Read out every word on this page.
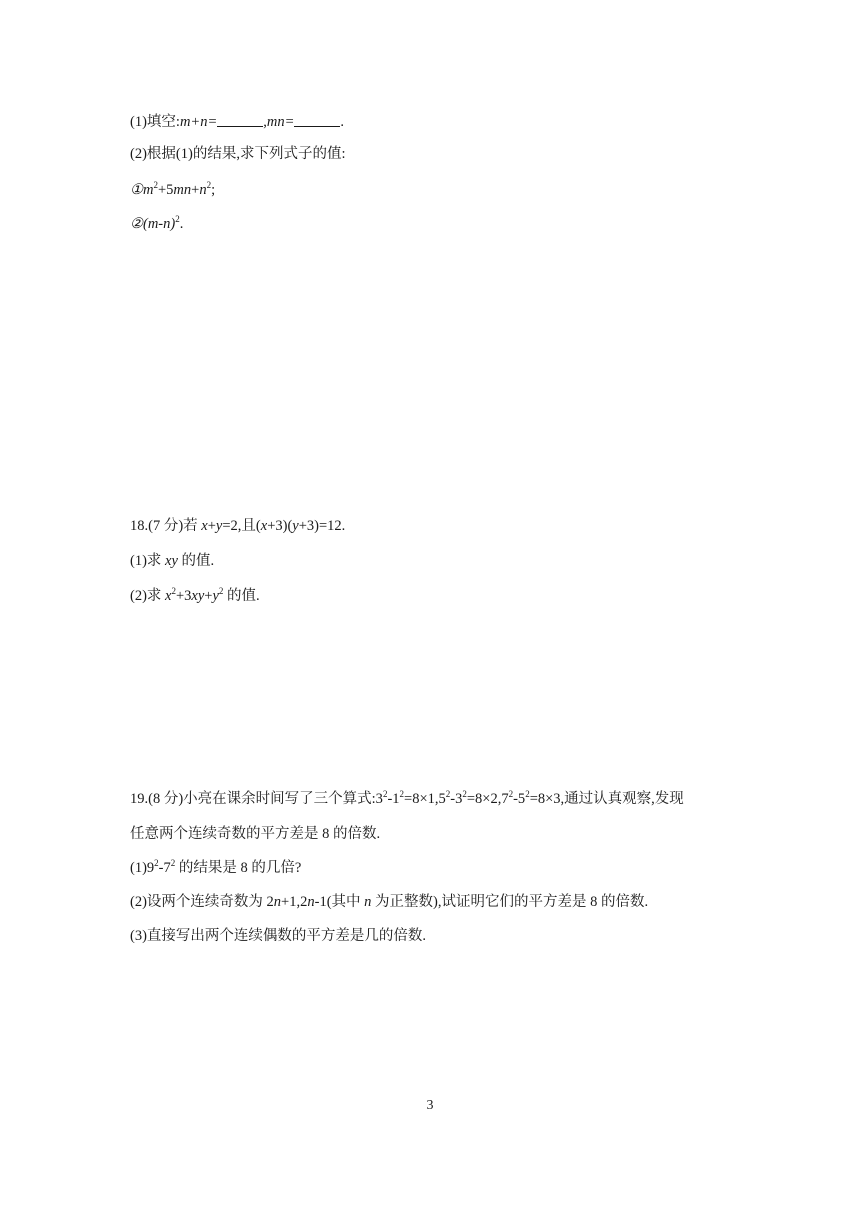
(1)填空:m+n=	,mn=	.
(2)根据(1)的结果,求下列式子的值:
$①m^2+5mn+n^2$;
$②(m-n)^2$.
18.(7 分)若 x+y=2,且(x+3)(y+3)=12.
(1)求 xy 的值.
(2)求 $x^2+3xy+y^2$ 的值.
19.(8 分)小亮在课余时间写了三个算式$:3^2-1^2=8\times 1,5^2-3^2=8\times 2,7^2-5^2=8\times 3$,通过认真观察,发现
任意两个连续奇数的平方差是 8 的倍数.
$(1)9^2-7^2$ 的结果是 8 的几倍?
(2)设两个连续奇数为 2n+1,2n-1(其中 n 为正整数),试证明它们的平方差是 8 的倍数.
(3)直接写出两个连续偶数的平方差是几的倍数.
3
